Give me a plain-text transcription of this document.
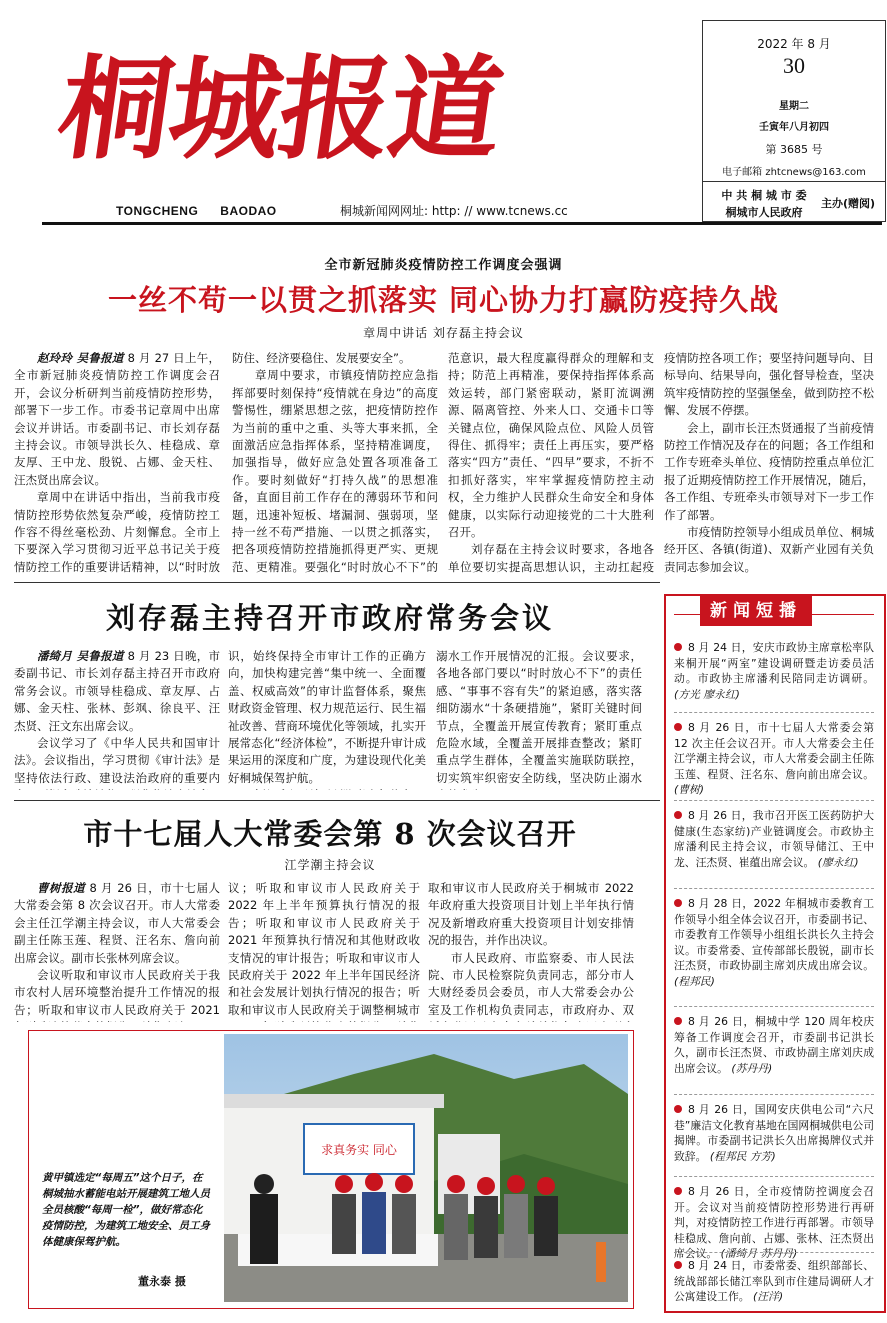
桐城报道
TONGCHENG BAODAO	桐城新闻网网址: http: // www.tcnews.cc
2022 年 8 月
30
星期二
壬寅年八月初四
第 3685 号
电子邮箱 zhtcnews@163.com
中 共 桐 城 市 委
桐城市人民政府
主办(赠阅)
全市新冠肺炎疫情防控工作调度会强调
一丝不苟一以贯之抓落实 同心协力打赢防疫持久战
章周中讲话 刘存磊主持会议

赵玲玲 吴鲁报道 8 月 27 日上午，全市新冠肺炎疫情防控工作调度会召开，会议分析研判当前疫情防控形势，部署下一步工作。市委书记章周中出席会议并讲话。市委副书记、市长刘存磊主持会议。市领导洪长久、桂稳成、章友厚、王中龙、殷锐、占娜、金天柱、汪杰贤出席会议。

章周中在讲话中指出，当前我市疫情防控形势依然复杂严峻，疫情防控工作容不得丝毫松劲、片刻懈怠。全市上下要深入学习贯彻习近平总书记关于疫情防控工作的重要讲话精神，以“时时放

防住、经济要稳住、发展要安全”。

章周中要求，市镇疫情防控应急指挥部要时刻保持“疫情就在身边”的高度警惕性，绷紧思想之弦，把疫情防控作为当前的重中之重、头等大事来抓，全面激活应急指挥体系，坚持精准调度，加强指导，做好应急处置各项准备工作。要时刻做好“打持久战”的思想准备，直面目前工作存在的薄弱环节和问题，迅速补短板、堵漏洞、强弱项，坚持一丝不苟严措施、一以贯之抓落实，把各项疫情防控措施抓得更严实、更规范、更精准。要强化“时时放心不下”的

范意识，最大程度赢得群众的理解和支持；防范上再精准，要保持指挥体系高效运转，部门紧密联动，紧盯流调溯源、隔离管控、外来人口、交通卡口等关键点位，确保风险点位、风险人员管得住、抓得牢；责任上再压实，要严格落实“四方”责任、“四早”要求，不折不扣抓好落实，牢牢掌握疫情防控主动权，全力维护人民群众生命安全和身体健康，以实际行动迎接党的二十大胜利召开。

刘存磊在主持会议时要求，各地各单位要切实提高思想认识，主动扛起疫

疫情防控各项工作；要坚持问题导向、目标导向、结果导向，强化督导检查，坚决筑牢疫情防控的坚强堡垒，做到防控不松懈、发展不停摆。

会上，副市长汪杰贤通报了当前疫情防控工作情况及存在的问题；各工作组和工作专班牵头单位、疫情防控重点单位汇报了近期疫情防控工作开展情况，随后，各工作组、专班牵头市领导对下一步工作作了部署。

市疫情防控领导小组成员单位、桐城经开区、各镇(街道)、双新产业园有关负责同志参加会议。

刘存磊主持召开市政府常务会议

潘绮月 吴鲁报道 8 月 23 日晚，市委副书记、市长刘存磊主持召开市政府常务会议。市领导桂稳成、章友厚、占娜、金天柱、张林、彭飒、徐良平、汪杰贤、汪文东出席会议。

会议学习了《中华人民共和国审计法》。会议指出，学习贯彻《审计法》是坚持依法行政、建设法治政府的重要内

识，始终保持全市审计工作的正确方向，加快构建完善“集中统一、全面覆盖、权威高效”的审计监督体系，聚焦财政资金管理、权力规范运行、民生福祉改善、营商环境优化等领域，扎实开展常态化“经济体检”，不断提升审计成果运用的深度和广度，为建设现代化美好桐城保驾护航。

溺水工作开展情况的汇报。会议要求，各地各部门要以“时时放心不下”的责任感、“事事不容有失”的紧迫感，落实落细防溺水“十条硬措施”，紧盯关键时间节点，全覆盖开展宣传教育；紧盯重点危险水域，全覆盖开展排查整改；紧盯重点学生群体，全覆盖实施联防联控，切实筑牢织密安全防线，坚决防止溺水

市十七届人大常委会第 8 次会议召开
江学潮主持会议

曹树报道 8 月 26 日，市十七届人大常委会第 8 次会议召开。市人大常委会主任江学潮主持会议，市人大常委会副主任陈玉莲、程贤、汪名东、詹向前出席会议。副市长张林列席会议。

会议听取和审议市人民政府关于我市农村人居环境整治提升工作情况的报告；听取和审议市人民政府关于 2021

议；听取和审议市人民政府关于 2022 年上半年预算执行情况的报告；听取和审议市人民政府关于 2021 年预算执行情况和其他财政收支情况的审计报告；听取和审议市人民政府关于 2022 年上半年国民经济和社会发展计划执行情况的报告；听取和审议市人民政府关于调整桐城市

取和审议市人民政府关于桐城市 2022 年政府重大投资项目计划上半年执行情况及新增政府重大投资项目计划安排情况的报告，并作出决议。

市人民政府、市监察委、市人民法院、市人民检察院负责同志，部分市人大财经委员会委员，市人大常委会办公室及工作机构负责同志，市政府办、双

求真务实 同心
黄甲镇选定“每周五”这个日子，在桐城抽水蓄能电站开展建筑工地人员全员核酸“每周一检”，做好常态化疫情防控，为建筑工地安全、员工身体健康保驾护航。
董永泰 摄
新闻短播
8 月 24 日，安庆市政协主席章松率队来桐开展“两室”建设调研暨走访委员活动。市政协主席潘利民陪同走访调研。 (方光 廖永红)
8 月 26 日，市十七届人大常委会第 12 次主任会议召开。市人大常委会主任江学潮主持会议，市人大常委会副主任陈玉莲、程贤、汪名东、詹向前出席会议。 (曹树)
8 月 26 日，我市召开医工医药防护大健康(生态家纺)产业链调度会。市政协主席潘利民主持会议，市领导储江、王中龙、汪杰贤、崔蕴出席会议。 (廖永红)
8 月 28 日，2022 年桐城市委教育工作领导小组全体会议召开，市委副书记、市委教育工作领导小组组长洪长久主持会议。市委常委、宣传部部长殷锐，副市长汪杰贤，市政协副主席刘庆成出席会议。 (程邦民)
8 月 26 日，桐城中学 120 周年校庆筹备工作调度会召开，市委副书记洪长久，副市长汪杰贤、市政协副主席刘庆成出席会议。 (苏丹丹)
8 月 26 日，国网安庆供电公司“六尺巷”廉洁文化教育基地在国网桐城供电公司揭牌。市委副书记洪长久出席揭牌仪式并致辞。 (程邦民 方芳)
8 月 26 日，全市疫情防控调度会召开。会议对当前疫情防控形势进行再研判，对疫情防控工作进行再部署。市领导桂稳成、詹向前、占娜、张林、汪杰贤出席会议。 (潘绮月 苏丹丹)
8 月 24 日，市委常委、组织部部长、统战部部长储江率队到市住建局调研人才公寓建设工作。 (汪洋)
